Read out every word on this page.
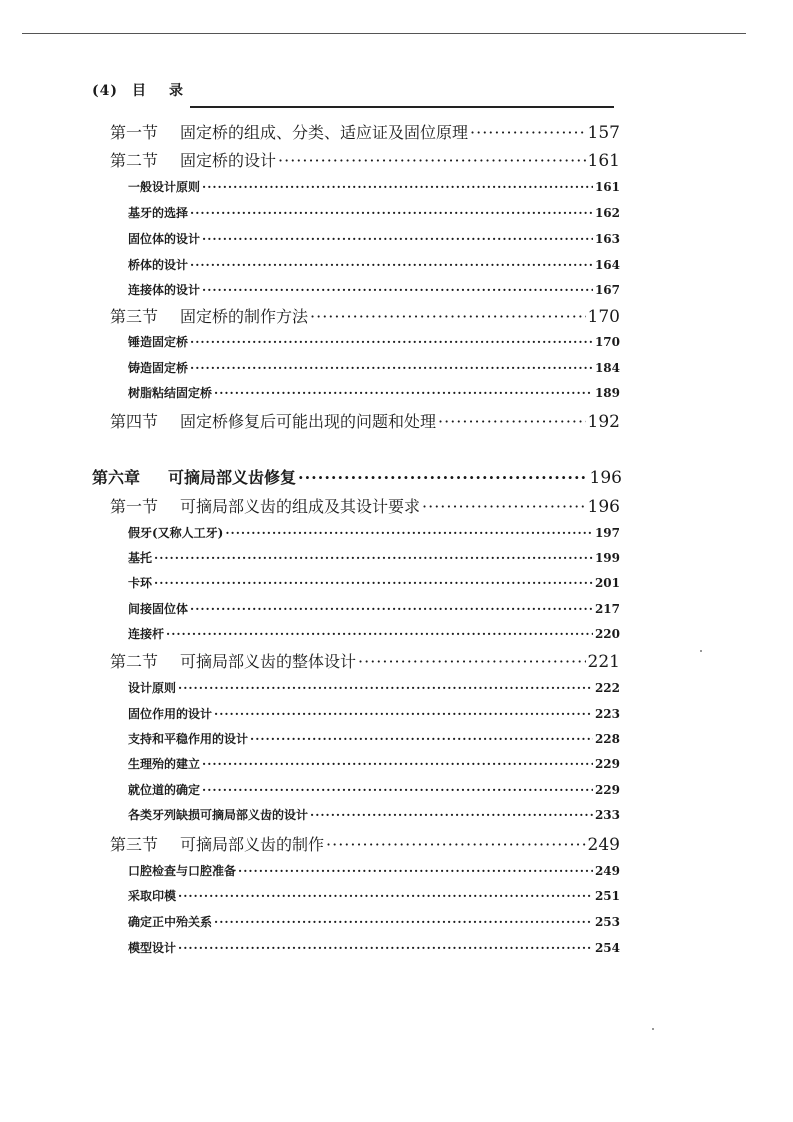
(4) 目 录
第一节 固定桥的组成、分类、适应证及固位原理 ·····	157
第二节 固定桥的设计 ·····	161
一般设计原则 ·····	161
基牙的选择 ·····	162
固位体的设计 ·····	163
桥体的设计 ·····	164
连接体的设计 ·····	167
第三节 固定桥的制作方法 ·····	170
锤造固定桥 ·····	170
铸造固定桥 ·····	184
树脂粘结固定桥 ·····	189
第四节 固定桥修复后可能出现的问题和处理 ·····	192
第六章 可摘局部义齿修复 ·····	196
第一节 可摘局部义齿的组成及其设计要求 ·····	196
假牙(又称人工牙) ·····	197
基托 ·····	199
卡环 ·····	201
间接固位体 ·····	217
连接杆 ·····	220
第二节 可摘局部义齿的整体设计 ·····	221
设计原则 ·····	222
固位作用的设计 ·····	223
支持和平稳作用的设计 ·····	228
生理殆的建立 ·····	229
就位道的确定 ·····	229
各类牙列缺损可摘局部义齿的设计 ·····	233
第三节 可摘局部义齿的制作 ·····	249
口腔检查与口腔准备 ·····	249
采取印模 ·····	251
确定正中殆关系 ·····	253
模型设计 ·····	254
